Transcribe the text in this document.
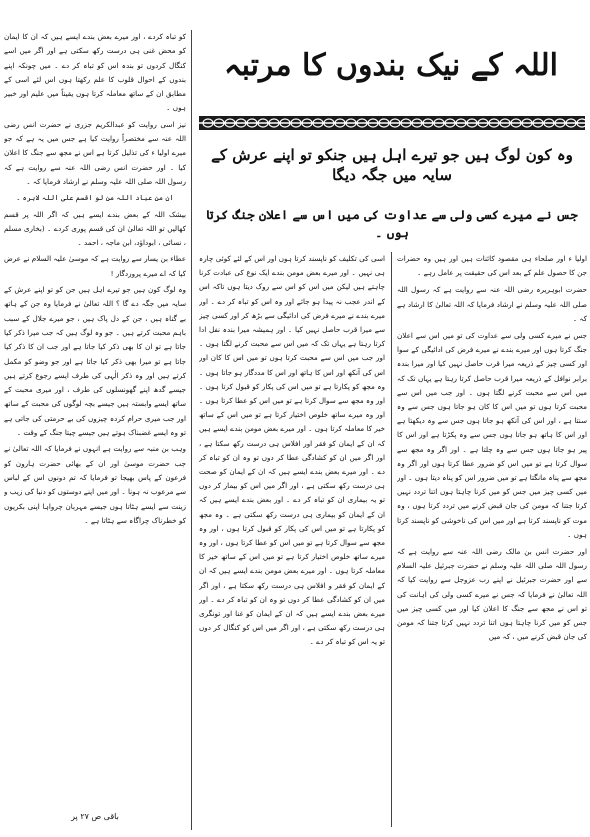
کو تباہ کردے ، اور میرے بعض بندے ایسے ہیں کہ ان کا ایمان کو محض غنی ہی درست رکھ سکتی ہے اور اگر میں اسے کنگال کردوں تو بندہ اس کو تباہ کر دے ۔ میں چونکہ اپنے بندوں کے احوال قلوب کا علم رکھتا ہوں اس لئے اسی کے مطابق ان کے ساتھ معاملہ کرتا ہوں یقیناً میں علیم اور خبیر ہوں ۔

نیز اسی روایت کو عبدالکریم جزری نے حضرت انس رضی اللہ عنہ سے مختصراً روایت کیا ہے جس میں یہ ہے کہ جو میرے اولیا ء کی تذلیل کرتا ہے اس نے مجھ سے جنگ کا اعلان کیا ۔ اور حضرت انس رضی اللہ عنہ سے روایت ہے کہ رسول اللہ صلی اللہ علیہ وسلم نے ارشاد فرمایا کہ ۔

ان من عباد اللہ من لو اقسم علی اللہ لابرہ ۔

بیشک اللہ کے بعض بندے ایسے ہیں کہ اگر اللہ پر قسم کھالیں تو اللہ تعالیٰ ان کی قسم پوری کردے ۔ (بخاری مسلم ، نسائی ، ابوداؤد، ابن ماجہ ، احمد ۔

عطاء بن یسار سے روایت ہے کہ موسیٰ علیہ السلام نے عرض کیا کہ اے میرے پروردگار !

وہ لوگ کون ہیں جو تیرے اہل ہیں جن کو تو اپنے عرش کے سایہ میں جگہ دے گا ؟ اللہ تعالیٰ نے فرمایا وہ جن کے ہاتھ بے گناہ ہیں ، جن کے دل پاک ہیں ، جو میرے جلال کے سبب باہم محبت کرتے ہیں ۔ جو وہ لوگ ہیں کہ جب میرا ذکر کیا جاتا ہے تو ان کا بھی ذکر کیا جاتا ہے اور جب ان کا ذکر کیا جاتا ہے تو میرا بھی ذکر کیا جاتا ہے اور جو وضو کو مکمل کرتے ہیں اور وہ ذکر الٰہی کی طرف ایسے رجوع کرتے ہیں جیسے گدھ اپنے گھونسلوں کی طرف ، اور میری محبت کے ساتھ ایسے وابستہ ہیں جیسے بچہ لوگوں کی محبت کے ساتھ اور جب میری حرام کردہ چیزوں کی بے حرمتی کی جاتی ہے تو وہ ایسے غضبناک ہوتے ہیں جیسے چیتا جنگ کے وقت ۔

وہب بن منبہ سے روایت ہے انہوں نے فرمایا کہ اللہ تعالیٰ نے جب حضرت موسیٰ اور ان کے بھائی حضرت ہارون کو فرعون کے پاس بھیجا تو فرمایا کہ تم دونوں اس کے لباس سے مرعوب نہ ہونا ۔ اور میں اپنے دوستوں کو دنیا کی زیب و زینت سے ایسے ہٹاتا ہوں جیسے مہربان چرواہا اپنی بکریوں کو خطرناک چراگاہ سے ہٹاتا ہے ۔

باقی ص ۲۷ پر
اللہ کے نیک بندوں کا مرتبہ
وہ کون لوگ ہیں جو تیرے اہل ہیں جنکو تو اپنے عرش کے سایہ میں جگہ دیگا
جس نے میرے کسی ولی سے عداوت کی میں اس سے اعلان جنگ کرتا ہوں ۔

اسی کی تکلیف کو ناپسند کرتا ہوں اور اس کے لئے کوئی چارہ ہی نہیں ۔ اور میرے بعض مومن بندے ایک نوع کی عبادت کرنا چاہتے ہیں لیکن میں اس کو اس سے روک دیتا ہوں تاکہ اس کے اندر عجب نہ پیدا ہو جائے اور وہ اس کو تباہ کر دے ۔ اور میرے بندے نے میرے فرض کی ادائیگی سے بڑھ کر اور کسی چیز سے میرا قرب حاصل نہیں کیا ۔ اور ہمیشہ میرا بندہ نفل ادا کرتا رہتا ہے یہاں تک کہ میں اس سے محبت کرنے لگتا ہوں ۔ اور جب میں اس سے محبت کرتا ہوں تو میں اس کا کان اور اس کی آنکھ اور اس کا ہاتھ اور اس کا مددگار ہو جاتا ہوں ۔ وہ مجھ کو پکارتا ہے تو میں اس کی پکار کو قبول کرتا ہوں ۔ اور وہ مجھ سے سوال کرتا ہے تو میں اس کو عطا کرتا ہوں ۔ اور وہ میرے ساتھ خلوص اختیار کرتا ہے تو میں اس کے ساتھ خیر کا معاملہ کرتا ہوں ۔ اور میرے بعض مومن بندے ایسے ہیں کہ ان کے ایمان کو فقر اور افلاس ہی درست رکھ سکتا ہے ، اور اگر میں ان کو کشادگی عطا کر دوں تو وہ ان کو تباہ کر دے ۔ اور میرے بعض بندے ایسے ہیں کہ ان کے ایمان کو صحت ہی درست رکھ سکتی ہے ، اور اگر میں اس کو بیمار کر دوں تو یہ بیماری ان کو تباہ کر دے ۔ اور بعض بندے ایسے ہیں کہ ان کے ایمان کو بیماری ہی درست رکھ سکتی ہے ۔ وہ مجھ کو پکارتا ہے تو میں اس کی پکار کو قبول کرتا ہوں ، اور وہ مجھ سے سوال کرتا ہے تو میں اس کو عطا کرتا ہوں ، اور وہ میرے ساتھ خلوص اختیار کرتا ہے تو میں اس کے ساتھ خیر کا معاملہ کرتا ہوں ۔ اور میرے بعض مومن بندے ایسے ہیں کہ ان کے ایمان کو فقر و افلاس ہی درست رکھ سکتا ہے ، اور اگر میں ان کو کشادگی عطا کر دوں تو وہ ان کو تباہ کر دے ۔ اور میرے بعض بندے ایسے ہیں کہ ان کے ایمان کو غنا اور تونگری ہی درست رکھ سکتی ہے ، اور اگر میں اس کو کنگال کر دوں تو یہ اس کو تباہ کر دے ۔

اولیا ء اور صلحاء ہی مقصود کائنات ہیں اور ہیں وہ حضرات جن کا حصول علم کے بعد اس کی حقیقت پر عامل رہے ۔

حضرت ابوہریرہ رضی اللہ عنہ سے روایت ہے کہ رسول اللہ صلی اللہ علیہ وسلم نے ارشاد فرمایا کہ اللہ تعالیٰ کا ارشاد ہے کہ ۔

جس نے میرے کسی ولی سے عداوت کی تو میں اس سے اعلان جنگ کرتا ہوں اور میرے بندے نے میرے فرض کی ادائیگی کے سوا اور کسی چیز کے ذریعہ میرا قرب حاصل نہیں کیا اور میرا بندہ برابر نوافل کے ذریعہ میرا قرب حاصل کرتا رہتا ہے یہاں تک کہ میں اس سے محبت کرنے لگتا ہوں ۔ اور جب میں اس سے محبت کرتا ہوں تو میں اس کا کان ہو جاتا ہوں جس سے وہ سنتا ہے ، اور اس کی آنکھ ہو جاتا ہوں جس سے وہ دیکھتا ہے اور اس کا ہاتھ ہو جاتا ہوں جس سے وہ پکڑتا ہے اور اس کا پیر ہو جاتا ہوں جس سے وہ چلتا ہے ۔ اور اگر وہ مجھ سے سوال کرتا ہے تو میں اس کو ضرور عطا کرتا ہوں اور اگر وہ مجھ سے پناہ مانگتا ہے تو میں ضرور اس کو پناہ دیتا ہوں ۔ اور میں کسی چیز میں جس کو میں کرنا چاہتا ہوں اتنا تردد نہیں کرتا جتنا کہ مومن کی جان قبض کرنے میں تردد کرتا ہوں ، وہ موت کو ناپسند کرتا ہے اور میں اس کی ناخوشی کو ناپسند کرتا ہوں ۔

اور حضرت انس بن مالک رضی اللہ عنہ سے روایت ہے کہ رسول اللہ صلی اللہ علیہ وسلم نے حضرت جبرئیل علیہ السلام سے اور حضرت جبرئیل نے اپنے رب عزوجل سے روایت کیا کہ اللہ تعالیٰ نے فرمایا کہ جس نے میرے کسی ولی کی اہانت کی تو اس نے مجھ سے جنگ کا اعلان کیا اور میں کسی چیز میں جس کو میں کرنا چاہتا ہوں اتنا تردد نہیں کرتا جتنا کہ مومن کی جان قبض کرنے میں ، کہ میں
